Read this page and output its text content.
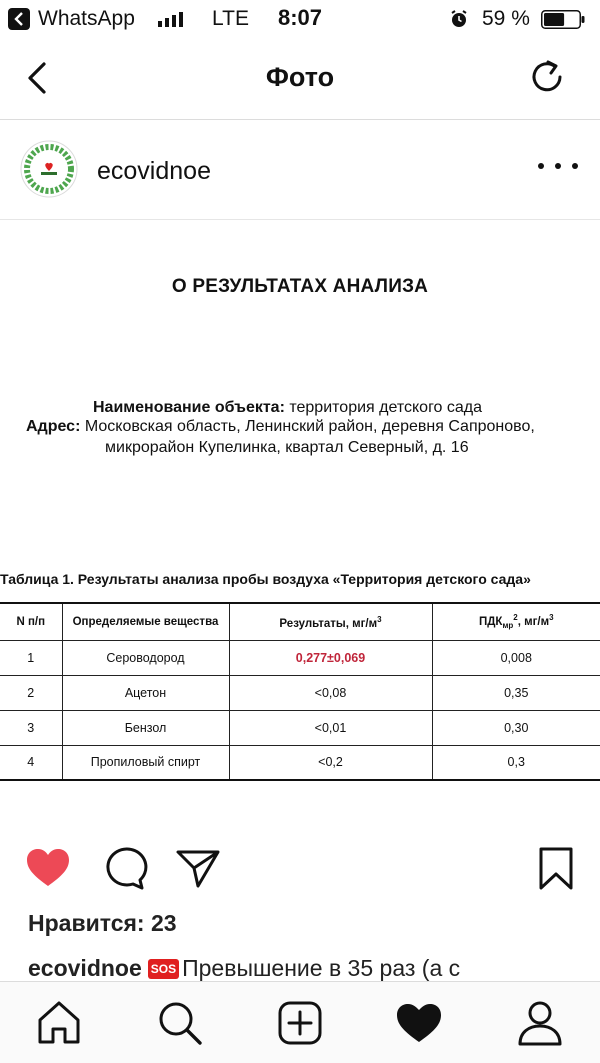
WhatsApp	LTE	8:07	59 %
Фото
ecovidnoe
О РЕЗУЛЬТАТАХ АНАЛИЗА
Наименование объекта: территория детского сада
Адрес: Московская область, Ленинский район, деревня Сапроново,
микрорайон Купелинка, квартал Северный, д. 16
Таблица 1. Результаты анализа пробы воздуха «Территория детского сада»
N п/п	Определяемые вещества	Результаты, $мг/м^3$	$ПДК_{мр}^2$, $мг/м^3$
1	Сероводород	0,277±0,069	0,008
2	Ацетон	<0,08	0,35
3	Бензол	<0,01	0,30
4	Пропиловый спирт	<0,2	0,3
Нравится: 23
ecovidnoe SOS Превышение в 35 раз (а с
